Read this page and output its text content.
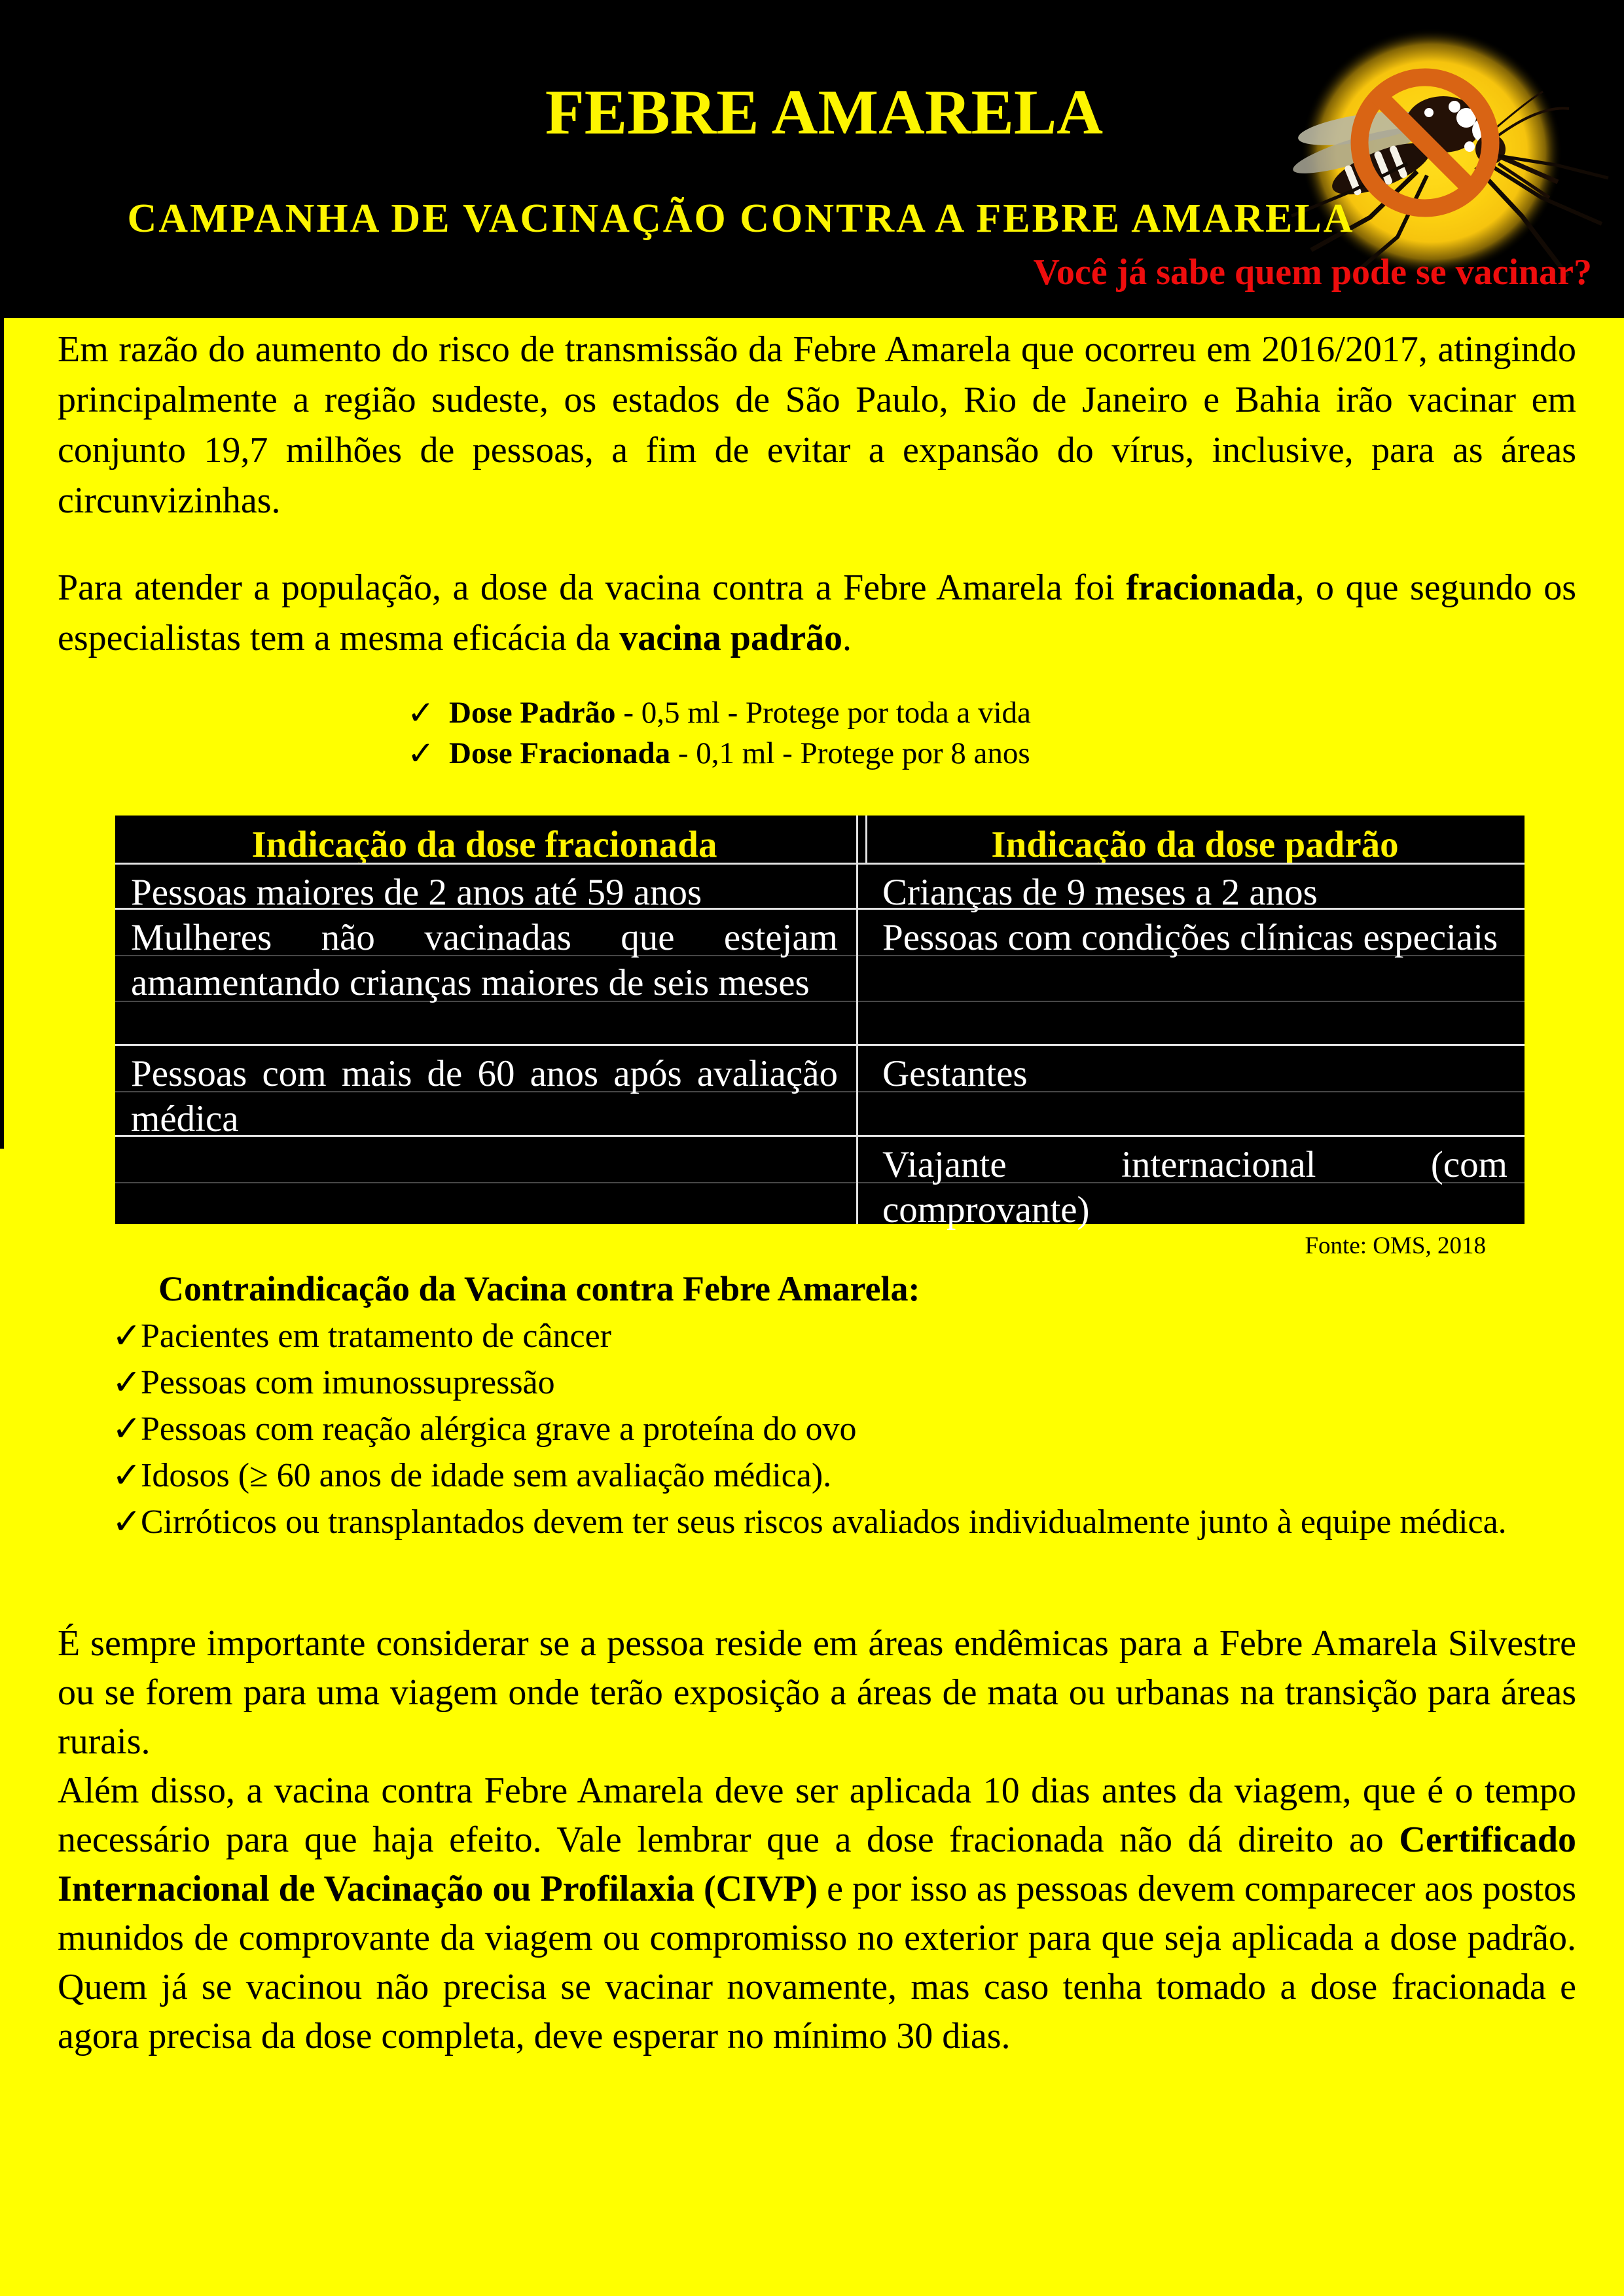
FEBRE AMARELA
CAMPANHA DE VACINAÇÃO CONTRA A FEBRE AMARELA
Você já sabe quem pode se vacinar?

Em razão do aumento do risco de transmissão da Febre Amarela que ocorreu em 2016/2017, atingindo principalmente a região sudeste, os estados de São Paulo, Rio de Janeiro e Bahia irão vacinar em conjunto 19,7 milhões de pessoas, a fim de evitar a expansão do vírus, inclusive, para as áreas circunvizinhas.

Para atender a população, a dose da vacina contra a Febre Amarela foi fracionada, o que segundo os especialistas tem a mesma eficácia da vacina padrão.

✓ Dose Padrão - 0,5 ml - Protege por toda a vida
✓ Dose Fracionada - 0,1 ml - Protege por 8 anos
Indicação da dose fracionada	Indicação da dose padrão
Pessoas maiores de 2 anos até 59 anos	Crianças de 9 meses a 2 anos
Mulheres não vacinadas que estejam amamentando crianças maiores de seis meses
Pessoas com condições clínicas especiais
Pessoas com mais de 60 anos após avaliação médica
Gestantes
Viajante internacional (com comprovante)
Fonte: OMS, 2018
Contraindicação da Vacina contra Febre Amarela:
✓
Pacientes em tratamento de câncer
✓
Pessoas com imunossupressão
✓
Pessoas com reação alérgica grave a proteína do ovo
✓
Idosos (≥ 60 anos de idade sem avaliação médica).
✓
Cirróticos ou transplantados devem ter seus riscos avaliados individualmente junto à equipe médica.

É sempre importante considerar se a pessoa reside em áreas endêmicas para a Febre Amarela Silvestre ou se forem para uma viagem onde terão exposição a áreas de mata ou urbanas na transição para áreas rurais.

Além disso, a vacina contra Febre Amarela deve ser aplicada 10 dias antes da viagem, que é o tempo necessário para que haja efeito. Vale lembrar que a dose fracionada não dá direito ao Certificado Internacional de Vacinação ou Profilaxia (CIVP) e por isso as pessoas devem comparecer aos postos munidos de comprovante da viagem ou compromisso no exterior para que seja aplicada a dose padrão. Quem já se vacinou não precisa se vacinar novamente, mas caso tenha tomado a dose fracionada e agora precisa da dose completa, deve esperar no mínimo 30 dias.
